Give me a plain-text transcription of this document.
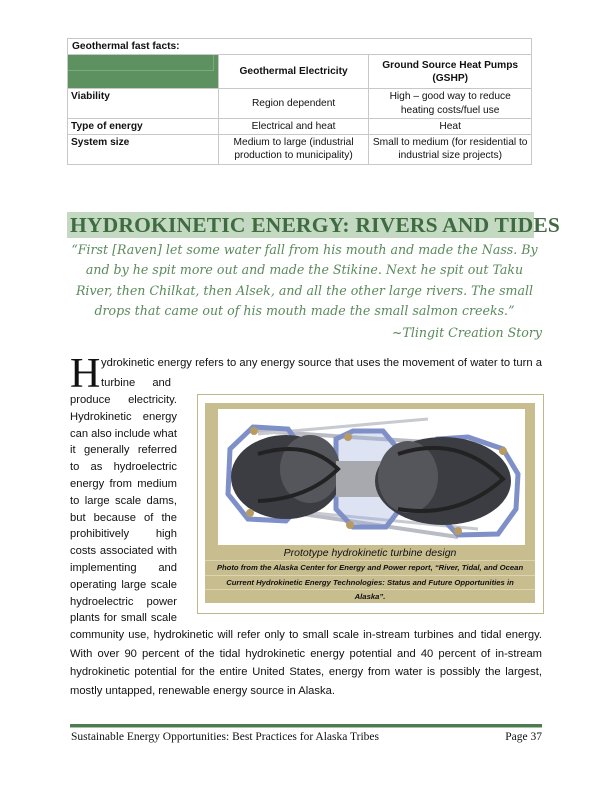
Geothermal fast facts:		

	Geothermal Electricity	Ground Source Heat Pumps (GSHP)
Viability	Region dependent	High – good way to reduce heating costs/fuel use
Type of energy	Electrical and heat	Heat
System size	Medium to large (industrial production to municipality)	Small to medium (for residential to industrial size projects)
HYDROKINETIC ENERGY: RIVERS AND TIDES
“First [Raven] let some water fall from his mouth and made the Nass. By and by he spit more out and made the Stikine. Next he spit out Taku River, then Chilkat, then Alsek, and all the other large rivers. The small drops that came out of his mouth made the small salmon creeks.”
~Tlingit Creation Story
H ydrokinetic energy refers to any energy source that uses the movement of water to turn a
turbine and
produce electricity.
Hydrokinetic energy
can also include what
it generally referred
to as hydroelectric
energy from medium
to large scale dams,
but because of the
prohibitively high
costs associated with
implementing and
operating large scale
hydroelectric power
plants for small scale
Prototype hydrokinetic turbine design
Photo from the Alaska Center for Energy and Power report, “River, Tidal, and Ocean
Current Hydrokinetic Energy Technologies: Status and Future Opportunities in
Alaska”.
community use, hydrokinetic will refer only to small scale in-stream turbines and tidal energy.
With over 90 percent of the tidal hydrokinetic energy potential and 40 percent of in-stream
hydrokinetic potential for the entire United States, energy from water is possibly the largest,
mostly untapped, renewable energy source in Alaska.
Sustainable Energy Opportunities: Best Practices for Alaska Tribes	Page 37
